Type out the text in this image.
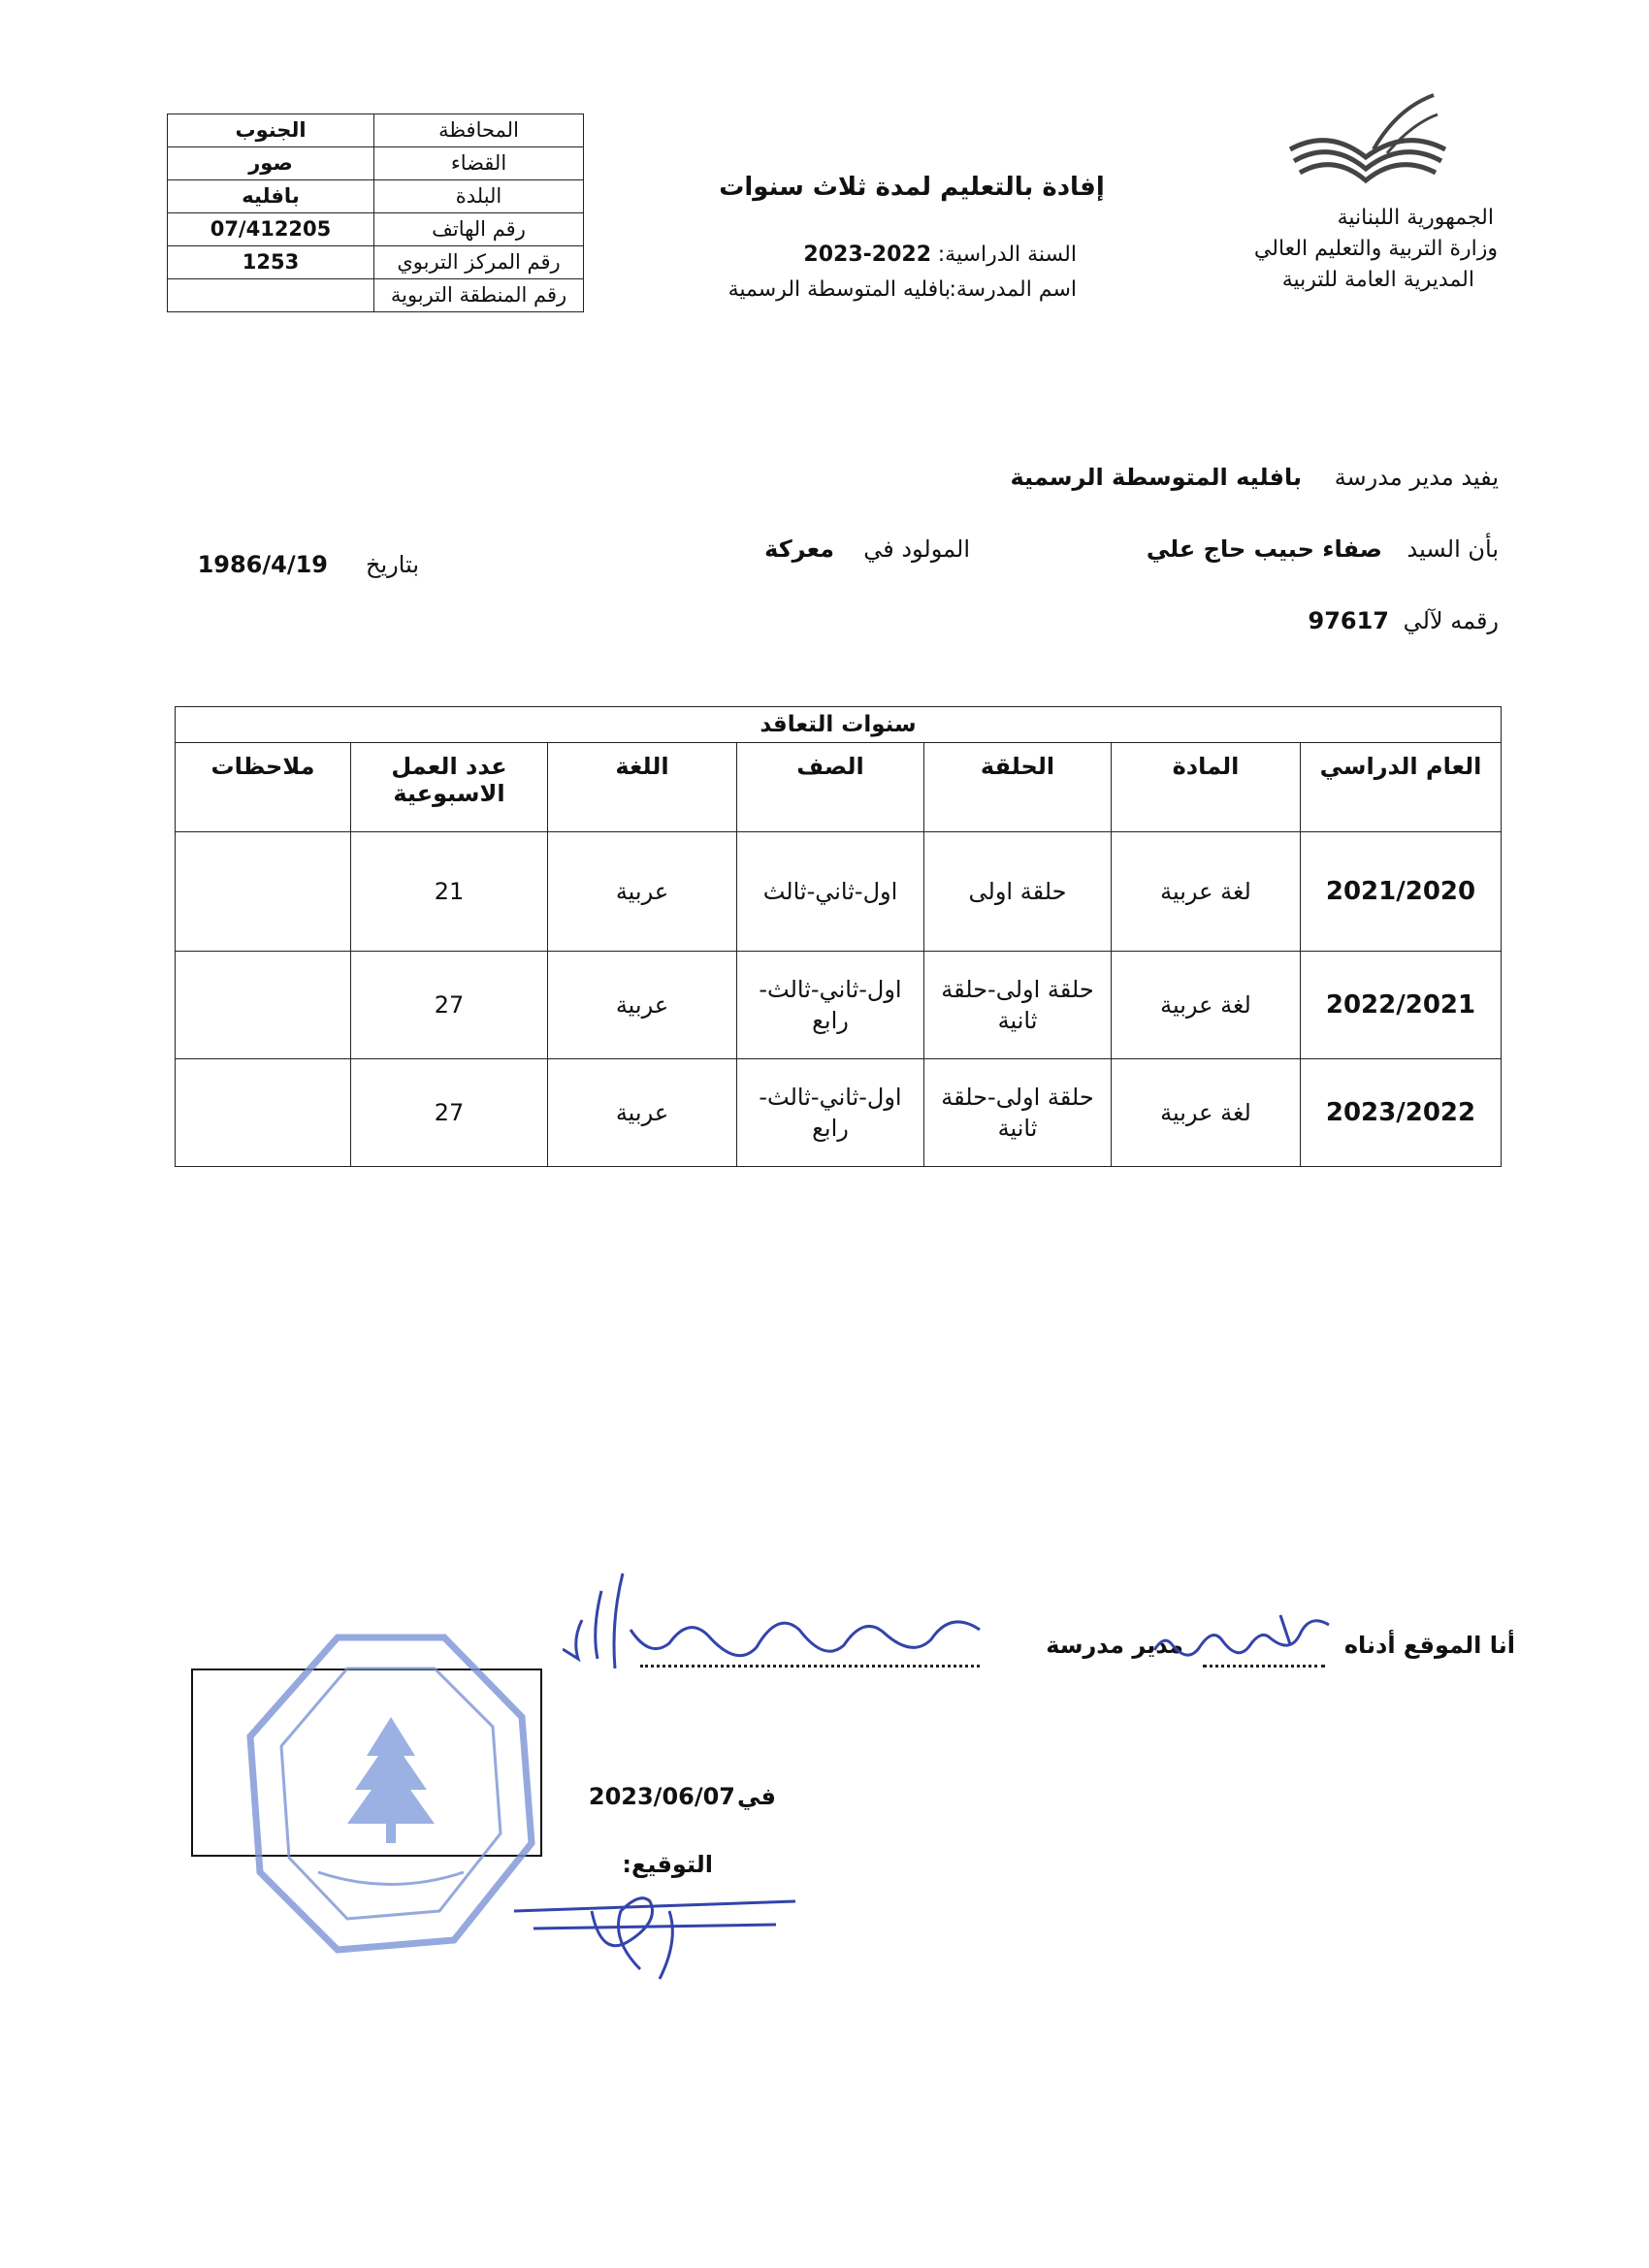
الجمهورية اللبنانية
وزارة التربية والتعليم العالي
المديرية العامة للتربية
إفادة بالتعليم لمدة ثلاث سنوات
السنة الدراسية:
2023-2022
اسم المدرسة:
بافليه المتوسطة الرسمية
المحافظة	الجنوب
القضاء	صور
البلدة	بافليه
رقم الهاتف	07/412205
رقم المركز التربوي	1253
رقم المنطقة التربوية	
يفيد مدير مدرسة
بافليه المتوسطة الرسمية
بأن السيد
صفاء حبيب حاج علي
المولود في
معركة
بتاريخ
1986/4/19
رقمه لآلي
97617
سنوات التعاقد						
العام الدراسي	المادة	الحلقة	الصف	اللغة	عدد العمل الاسبوعية	ملاحظات
2021/2020	لغة عربية	حلقة اولى	اول-ثاني-ثالث	عربية	21	
2022/2021	لغة عربية	حلقة اولى-حلقة ثانية	اول-ثاني-ثالث- رابع	عربية	27	
2023/2022	لغة عربية	حلقة اولى-حلقة ثانية	اول-ثاني-ثالث- رابع	عربية	27	
أنا الموقع أدناه
مدير مدرسة
في
2023/06/07
التوقيع:
